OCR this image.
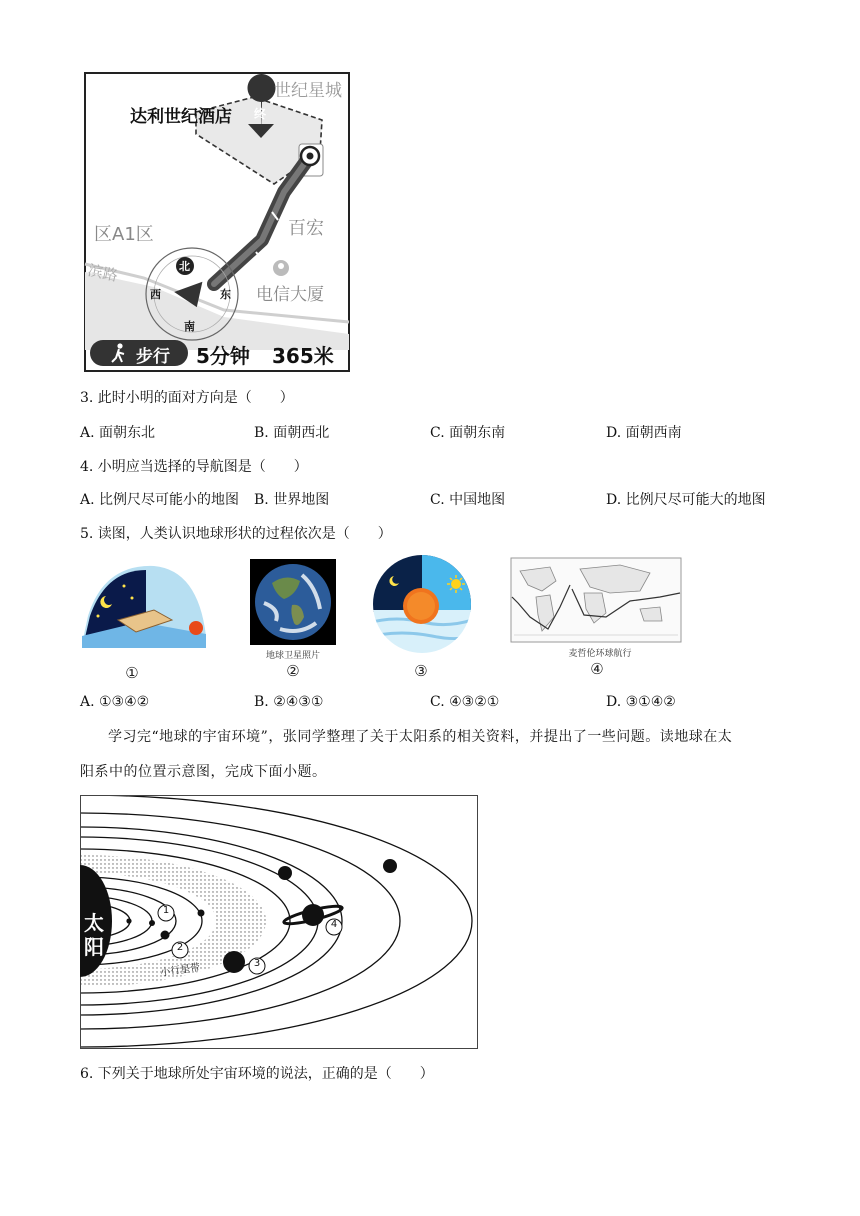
世纪星城
达利世纪酒店 终
区A1区	百宏
滨路
电信大厦
北
西	东
南
步行 5分钟 365米
3. 此时小明的面对方向是（　　）
A. 面朝东北	B. 面朝西北	C. 面朝东南	D. 面朝西南
4. 小明应当选择的导航图是（　　）
A. 比例尺尽可能小的地图 B. 世界地图	C. 中国地图	D. 比例尺尽可能大的地图
5. 读图，人类认识地球形状的过程依次是（　　）
①
地球卫星照片
②	③
麦哲伦环球航行
④
A. ①③④②	B. ②④③①	C. ④③②①	D. ③①④②
学习完“地球的宇宙环境”，张同学整理了关于太阳系的相关资料，并提出了一些问题。读地球在太
阳系中的位置示意图，完成下面小题。
太
阳
小行星带
1
2
3
4
6. 下列关于地球所处宇宙环境的说法，正确的是（　　）
